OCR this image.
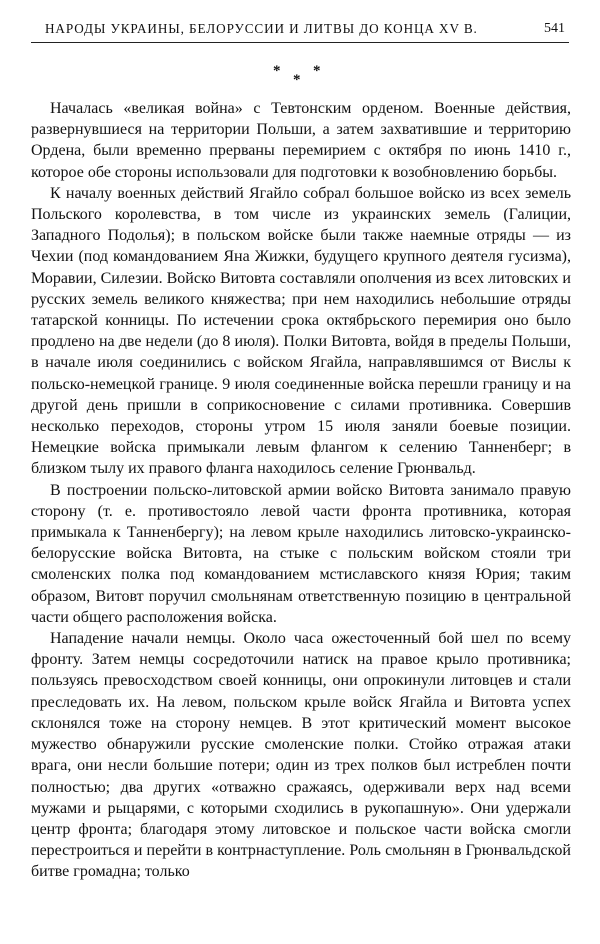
НАРОДЫ УКРАИНЫ, БЕЛОРУССИИ И ЛИТВЫ ДО КОНЦА XV В.	541
*
*
*

Началась «великая война» с Тевтонским орденом. Военные действия, развернувшиеся на территории Польши, а затем захватившие и территорию Ордена, были временно прерваны перемирием с октября по июнь 1410 г., которое обе стороны использовали для подготовки к возобновлению борьбы.

К началу военных действий Ягайло собрал большое войско из всех земель Польского королевства, в том числе из украинских земель (Галиции, Западного Подолья); в польском войске были также наемные отряды — из Чехии (под командованием Яна Жижки, будущего крупного деятеля гусизма), Моравии, Силезии. Войско Витовта составляли ополчения из всех литовских и русских земель великого княжества; при нем находились небольшие отряды татарской конницы. По истечении срока октябрьского перемирия оно было продлено на две недели (до 8 июля). Полки Витовта, войдя в пределы Польши, в начале июля соединились с войском Ягайла, направлявшимся от Вислы к польско-немецкой границе. 9 июля соединенные войска перешли границу и на другой день пришли в соприкосновение с силами противника. Совершив несколько переходов, стороны утром 15 июля заняли боевые позиции. Немецкие войска примыкали левым флангом к селению Танненберг; в близком тылу их правого фланга находилось селение Грюнвальд.

В построении польско-литовской армии войско Витовта занимало правую сторону (т. е. противостояло левой части фронта противника, которая примыкала к Танненбергу); на левом крыле находились литовско-украинско-белорусские войска Витовта, на стыке с польским войском стояли три смоленских полка под командованием мстиславского князя Юрия; таким образом, Витовт поручил смольнянам ответственную позицию в центральной части общего расположения войска.

Нападение начали немцы. Около часа ожесточенный бой шел по всему фронту. Затем немцы сосредоточили натиск на правое крыло противника; пользуясь превосходством своей конницы, они опрокинули литовцев и стали преследовать их. На левом, польском крыле войск Ягайла и Витовта успех склонялся тоже на сторону немцев. В этот критический момент высокое мужество обнаружили русские смоленские полки. Стойко отражая атаки врага, они несли большие потери; один из трех полков был истреблен почти полностью; два других «отважно сражаясь, одерживали верх над всеми мужами и рыцарями, с которыми сходились в рукопашную». Они удержали центр фронта; благодаря этому литовское и польское части войска смогли перестроиться и перейти в контрнаступление. Роль смольнян в Грюнвальдской битве громадна; только
